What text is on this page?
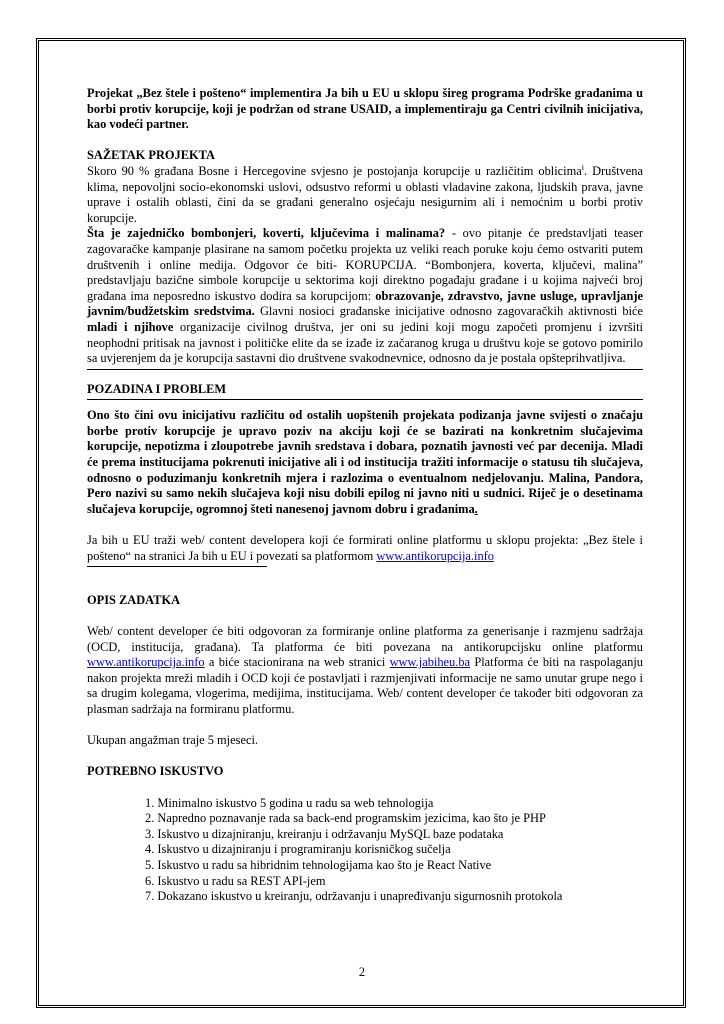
Projekat „Bez štele i pošteno“ implementira Ja bih u EU u sklopu šireg programa Podrške građanima u borbi protiv korupcije, koji je podržan od strane USAID, a implementiraju ga Centri civilnih inicijativa, kao vodeći partner.

SAŽETAK PROJEKTA

Skoro 90 % građana Bosne i Hercegovine svjesno je postojanja korupcije u različitim oblicima$^i$. Društvena klima, nepovoljni socio-ekonomski uslovi, odsustvo reformi u oblasti vladavine zakona, ljudskih prava, javne uprave i ostalih oblasti, čini da se građani generalno osjećaju nesigurnim ali i nemoćnim u borbi protiv korupcije.

Šta je zajedničko bombonjeri, koverti, ključevima i malinama? - ovo pitanje će predstavljati teaser zagovaračke kampanje plasirane na samom početku projekta uz veliki reach poruke koju ćemo ostvariti putem društvenih i online medija. Odgovor će biti- KORUPCIJA. “Bombonjera, koverta, ključevi, malina” predstavljaju bazične simbole korupcije u sektorima koji direktno pogađaju građane i u kojima najveći broj građana ima neposredno iskustvo dodira sa korupcijom: obrazovanje, zdravstvo, javne usluge, upravljanje javnim/budžetskim sredstvima. Glavni nosioci građanske inicijative odnosno zagovaračkih aktivnosti biće mladi i njihove organizacije civilnog društva, jer oni su jedini koji mogu započeti promjenu i izvršiti neophodni pritisak na javnost i političke elite da se izađe iz začaranog kruga u društvu koje se gotovo pomirilo sa uvjerenjem da je korupcija sastavni dio društvene svakodnevnice, odnosno da je postala opšteprihvatljiva.

POZADINA I PROBLEM

Ono što čini ovu inicijativu različitu od ostalih uopštenih projekata podizanja javne svijesti o značaju borbe protiv korupcije je upravo poziv na akciju koji će se bazirati na konkretnim slučajevima korupcije, nepotizma i zloupotrebe javnih sredstava i dobara, poznatih javnosti već par decenija. Mladi će prema institucijama pokrenuti inicijative ali i od institucija tražiti informacije o statusu tih slučajeva, odnosno o poduzimanju konkretnih mjera i razlozima o eventualnom nedjelovanju. Malina, Pandora, Pero nazivi su samo nekih slučajeva koji nisu dobili epilog ni javno niti u sudnici. Riječ je o desetinama slučajeva korupcije, ogromnoj šteti nanesenoj javnom dobru i građanima.

Ja bih u EU traži web/ content developera koji će formirati online platformu u sklopu projekta: „Bez štele i pošteno“ na stranici Ja bih u EU i povezati sa platformom www.antikorupcija.info

OPIS ZADATKA

Web/ content developer će biti odgovoran za formiranje online platforma za generisanje i razmjenu sadržaja (OCD, institucija, građana). Ta platforma će biti povezana na antikorupcijsku online platformu www.antikorupcija.info a biće stacionirana na web stranici www.jabiheu.ba Platforma će biti na raspolaganju nakon projekta mreži mladih i OCD koji će postavljati i razmjenjivati informacije ne samo unutar grupe nego i sa drugim kolegama, vlogerima, medijima, institucijama. Web/ content developer će također biti odgovoran za plasman sadržaja na formiranu platformu.

Ukupan angažman traje 5 mjeseci.

POTREBNO ISKUSTVO
1. Minimalno iskustvo 5 godina u radu sa web tehnologija
2. Napredno poznavanje rada sa back-end programskim jezicima, kao što je PHP
3. Iskustvo u dizajniranju, kreiranju i održavanju MySQL baze podataka
4. Iskustvo u dizajniranju i programiranju korisničkog sučelja
5. Iskustvo u radu sa hibridnim tehnologijama kao što je React Native
6. Iskustvo u radu sa REST API-jem
7. Dokazano iskustvo u kreiranju, održavanju i unapređivanju sigurnosnih protokola
2
